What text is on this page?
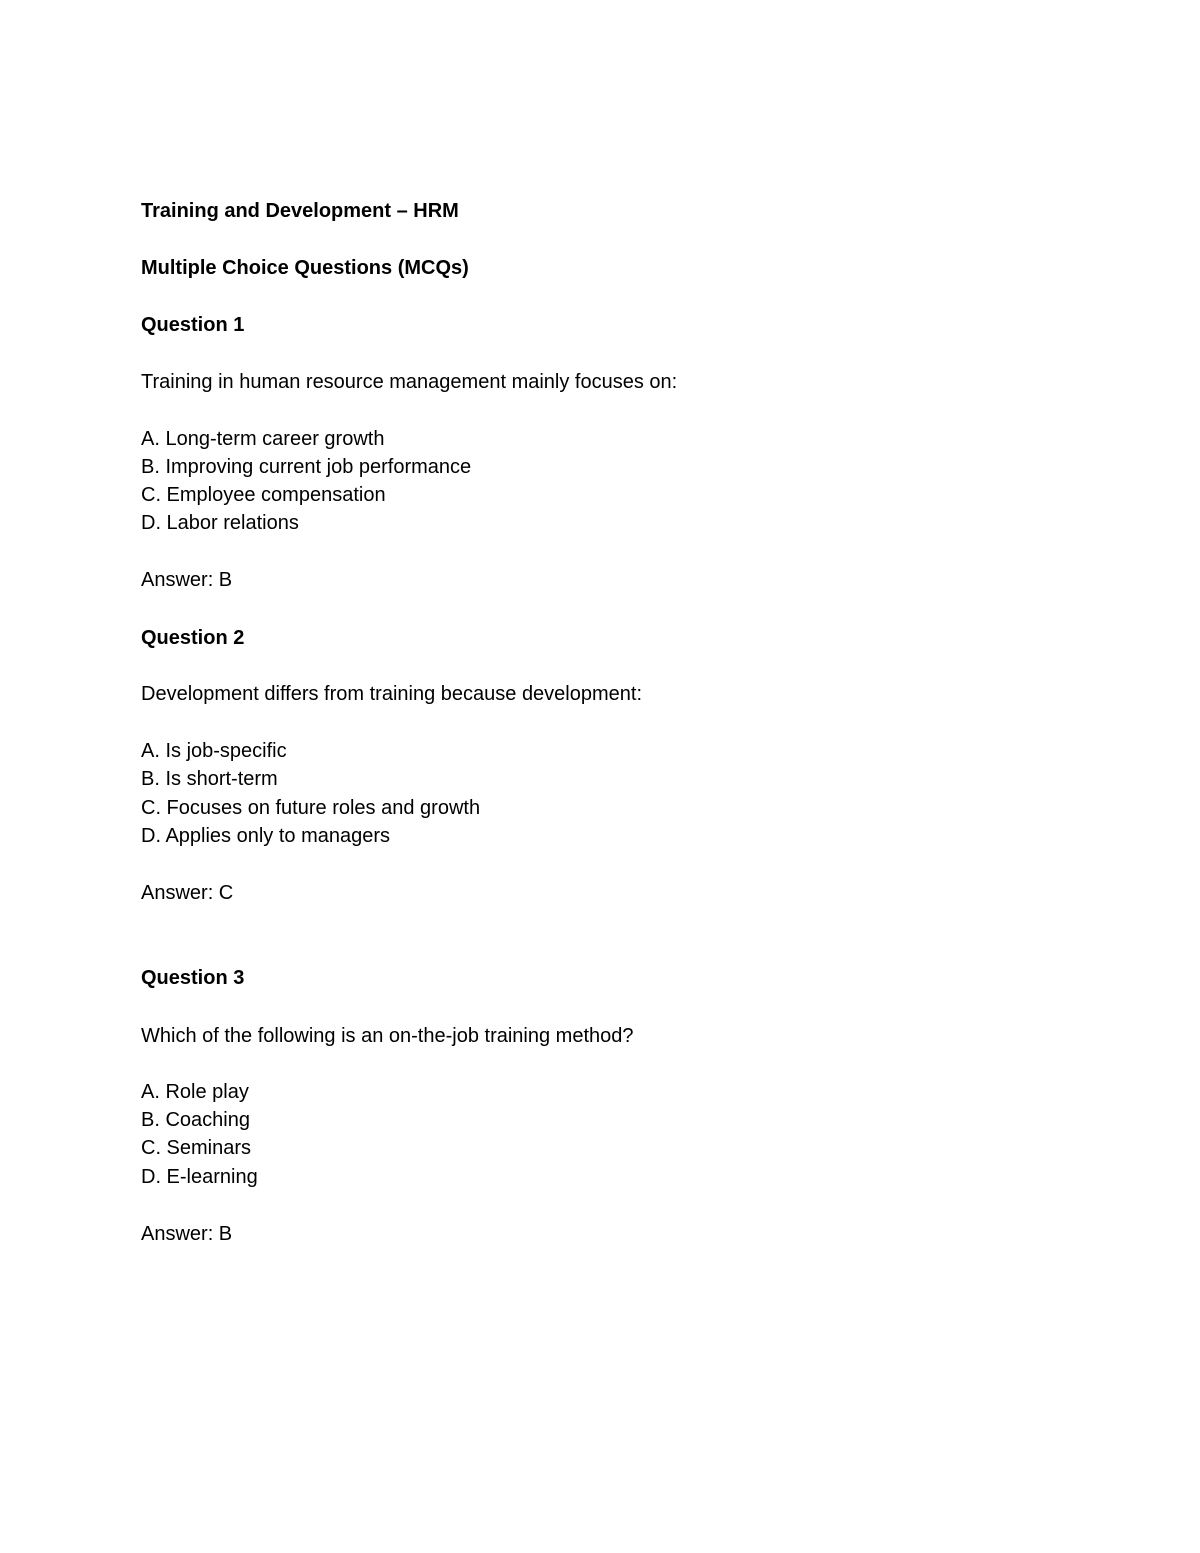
Training and Development – HRM
Multiple Choice Questions (MCQs)
Question 1
Training in human resource management mainly focuses on:
A. Long-term career growth
B. Improving current job performance
C. Employee compensation
D. Labor relations
Answer: B
Question 2
Development differs from training because development:
A. Is job-specific
B. Is short-term
C. Focuses on future roles and growth
D. Applies only to managers
Answer: C
Question 3
Which of the following is an on-the-job training method?
A. Role play
B. Coaching
C. Seminars
D. E-learning
Answer: B
